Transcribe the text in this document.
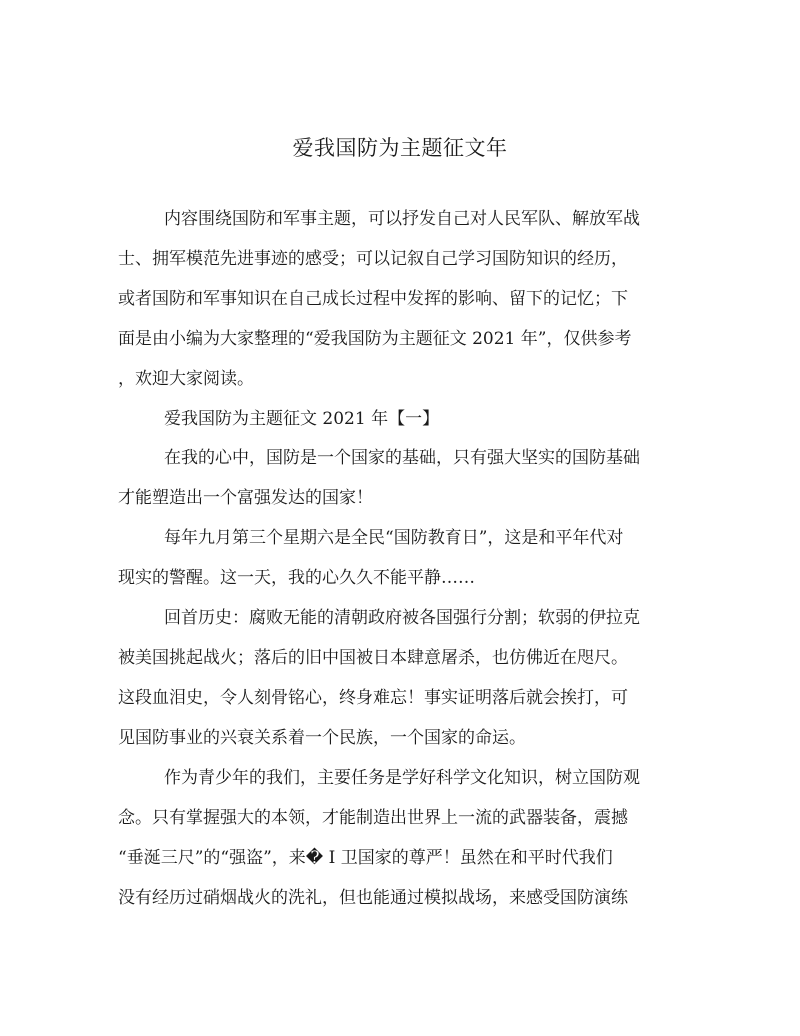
爱我国防为主题征文年
内容围绕国防和军事主题，可以抒发自己对人民军队、解放军战
士、拥军模范先进事迹的感受；可以记叙自己学习国防知识的经历，
或者国防和军事知识在自己成长过程中发挥的影响、留下的记忆；下
面是由小编为大家整理的“爱我国防为主题征文 2021 年”，仅供参考
，欢迎大家阅读。
爱我国防为主题征文 2021 年【一】
在我的心中，国防是一个国家的基础，只有强大坚实的国防基础
才能塑造出一个富强发达的国家！
每年九月第三个星期六是全民“国防教育日”，这是和平年代对
现实的警醒。这一天，我的心久久不能平静……
回首历史：腐败无能的清朝政府被各国强行分割；软弱的伊拉克
被美国挑起战火；落后的旧中国被日本肆意屠杀，也仿佛近在咫尺。
这段血泪史，令人刻骨铭心，终身难忘！事实证明落后就会挨打，可
见国防事业的兴衰关系着一个民族，一个国家的命运。
作为青少年的我们，主要任务是学好科学文化知识，树立国防观
念。只有掌握强大的本领，才能制造出世界上一流的武器装备，震撼
“垂涎三尺”的“强盗”，来� I 卫国家的尊严！虽然在和平时代我们
没有经历过硝烟战火的洗礼，但也能通过模拟战场，来感受国防演练
